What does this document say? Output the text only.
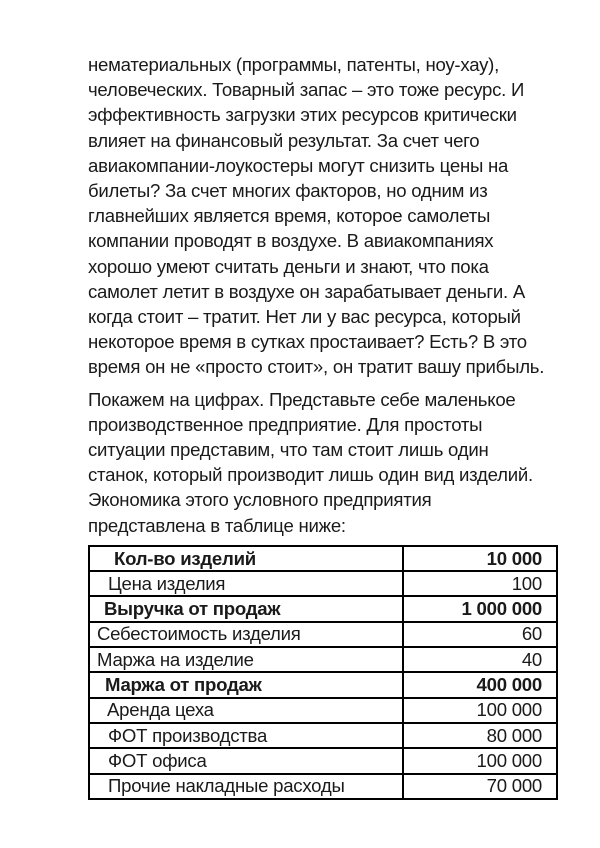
нематериальных (программы, патенты, ноу-хау),
человеческих. Товарный запас – это тоже ресурс. И
эффективность загрузки этих ресурсов критически
влияет на финансовый результат. За счет чего
авиакомпании-лоукостеры могут снизить цены на
билеты? За счет многих факторов, но одним из
главнейших является время, которое самолеты
компании проводят в воздухе. В авиакомпаниях
хорошо умеют считать деньги и знают, что пока
самолет летит в воздухе он зарабатывает деньги. А
когда стоит – тратит. Нет ли у вас ресурса, который
некоторое время в сутках простаивает? Есть? В это
время он не «просто стоит», он тратит вашу прибыль.
Покажем на цифрах. Представьте себе маленькое
производственное предприятие. Для простоты
ситуации представим, что там стоит лишь один
станок, который производит лишь один вид изделий.
Экономика этого условного предприятия
представлена в таблице ниже:
Кол-во изделий	10 000
Цена изделия	100
Выручка от продаж	1 000 000
Себестоимость изделия	60
Маржа на изделие	40
Маржа от продаж	400 000
Аренда цеха	100 000
ФОТ производства	80 000
ФОТ офиса	100 000
Прочие накладные расходы	70 000
